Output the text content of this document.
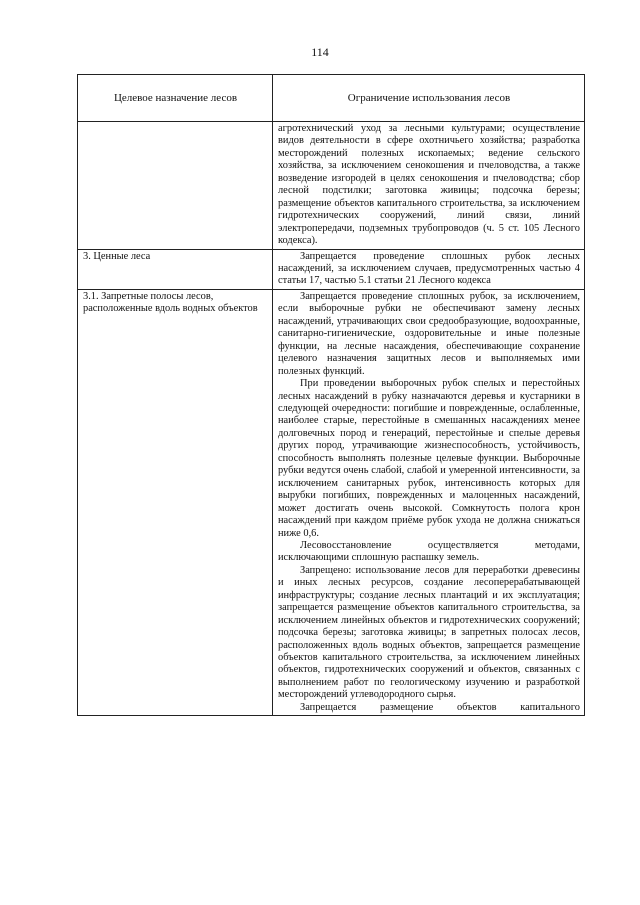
114
Целевое назначение лесов	Ограничение использования лесов

	агротехнический уход за лесными культурами; осуществление видов деятельности в сфере охотничьего хозяйства; разработка месторождений полезных ископаемых; ведение сельского хозяйства, за исключением сенокошения и пчеловодства, а также возведение изгородей в целях сенокошения и пчеловодства; сбор лесной подстилки; заготовка живицы; подсочка березы; размещение объектов капитального строительства, за исключением гидротехнических сооружений, линий связи, линий электропередачи, подземных трубопроводов (ч. 5 ст. 105 Лесного кодекса).

3. Ценные леса	Запрещается проведение сплошных рубок лесных насаждений, за исключением случаев, предусмотренных частью 4 статьи 17, частью 5.1 статьи 21 Лесного кодекса

3.1. Запретные полосы лесов, расположенные вдоль водных объектов	Запрещается проведение сплошных рубок, за исключением, если выборочные рубки не обеспечивают замену лесных насаждений, утрачивающих свои средообразующие, водоохранные, санитарно-гигиенические, оздоровительные и иные полезные функции, на лесные насаждения, обеспечивающие сохранение целевого назначения защитных лесов и выполняемых ими полезных функций.

При проведении выборочных рубок спелых и перестойных лесных насаждений в рубку назначаются деревья и кустарники в следующей очередности: погибшие и поврежденные, ослабленные, наиболее старые, перестойные в смешанных насаждениях менее долговечных пород и генераций, перестойные и спелые деревья других пород, утрачивающие жизнеспособность, устойчивость, способность выполнять полезные целевые функции. Выборочные рубки ведутся очень слабой, слабой и умеренной интенсивности, за исключением санитарных рубок, интенсивность которых для вырубки погибших, поврежденных и малоценных насаждений, может достигать очень высокой. Сомкнутость полога крон насаждений при каждом приёме рубок ухода не должна снижаться ниже 0,6.

Лесовосстановление осуществляется методами, исключающими сплошную распашку земель.

Запрещено: использование лесов для переработки древесины и иных лесных ресурсов, создание лесоперерабатывающей инфраструктуры; создание лесных плантаций и их эксплуатация; запрещается размещение объектов капитального строительства, за исключением линейных объектов и гидротехнических сооружений; подсочка березы; заготовка живицы; в запретных полосах лесов, расположенных вдоль водных объектов, запрещается размещение объектов капитального строительства, за исключением линейных объектов, гидротехнических сооружений и объектов, связанных с выполнением работ по геологическому изучению и разработкой месторождений углеводородного сырья.

Запрещается размещение объектов капитального
